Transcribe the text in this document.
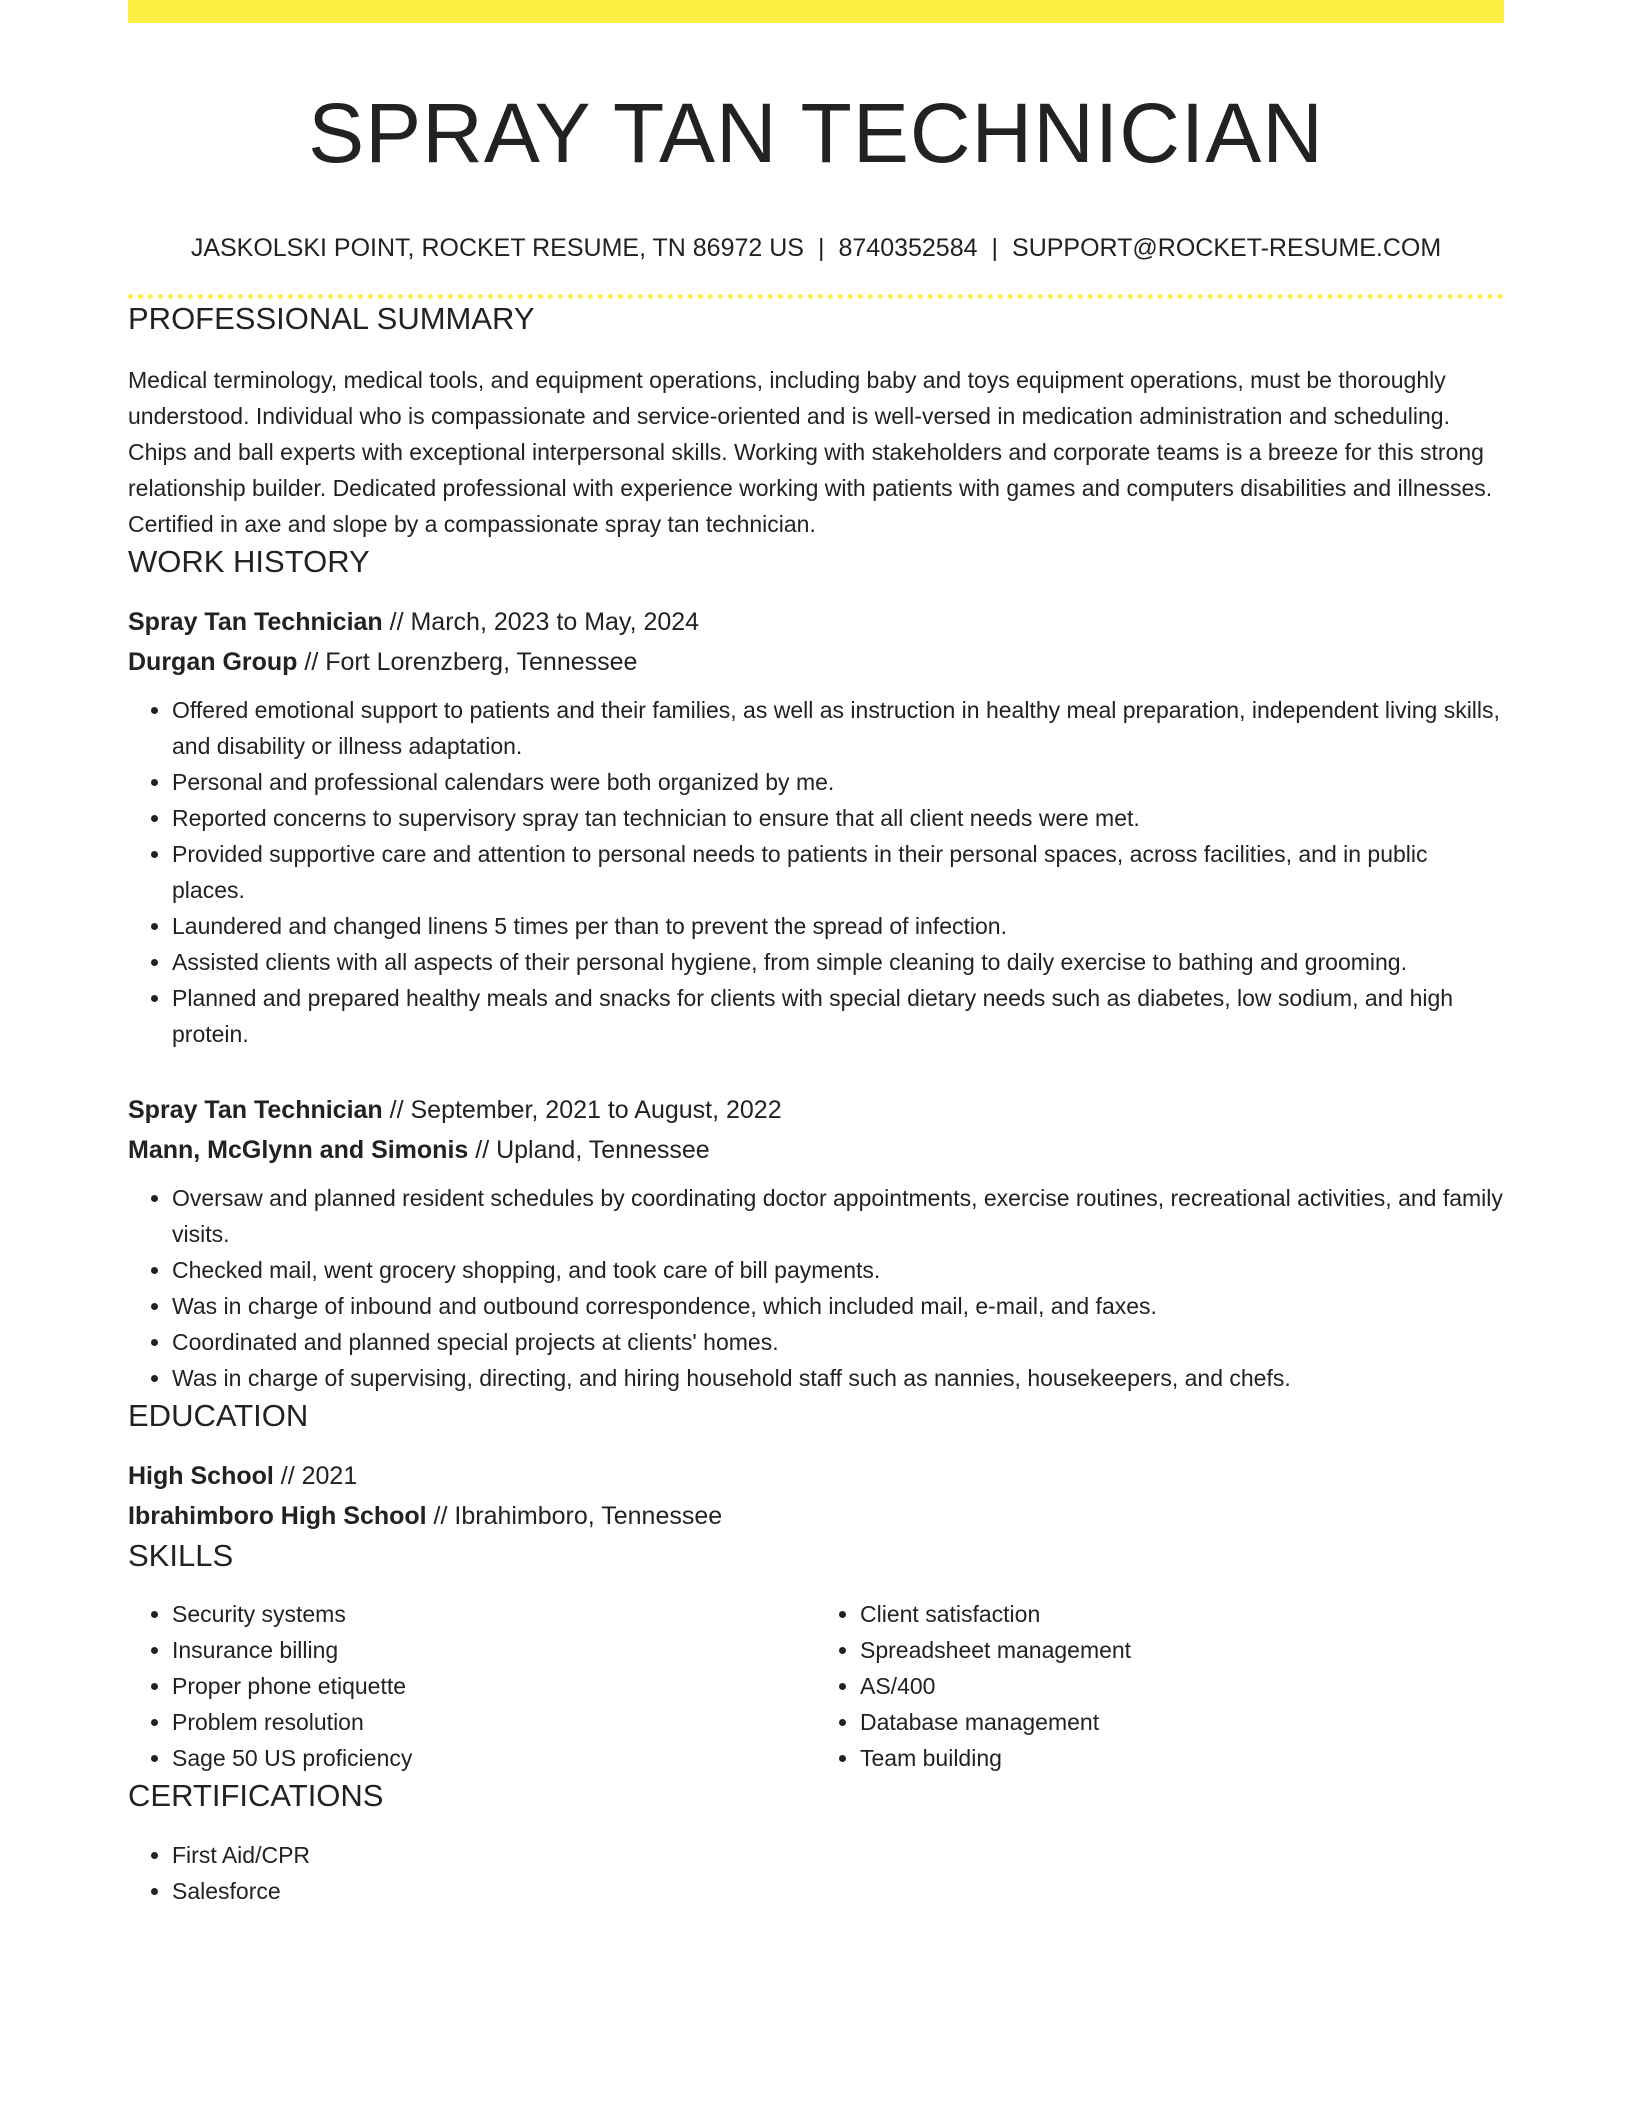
SPRAY TAN TECHNICIAN
JASKOLSKI POINT, ROCKET RESUME, TN 86972 US | 8740352584 | SUPPORT@ROCKET-RESUME.COM
PROFESSIONAL SUMMARY

Medical terminology, medical tools, and equipment operations, including baby and toys equipment operations, must be thoroughly understood. Individual who is compassionate and service-oriented and is well-versed in medication administration and scheduling. Chips and ball experts with exceptional interpersonal skills. Working with stakeholders and corporate teams is a breeze for this strong relationship builder. Dedicated professional with experience working with patients with games and computers disabilities and illnesses. Certified in axe and slope by a compassionate spray tan technician.

WORK HISTORY
Spray Tan Technician // March, 2023 to May, 2024
Durgan Group // Fort Lorenzberg, Tennessee
• Offered emotional support to patients and their families, as well as instruction in healthy meal preparation, independent living skills, and disability or illness adaptation.
• Personal and professional calendars were both organized by me.
• Reported concerns to supervisory spray tan technician to ensure that all client needs were met.
• Provided supportive care and attention to personal needs to patients in their personal spaces, across facilities, and in public places.
• Laundered and changed linens 5 times per than to prevent the spread of infection.
• Assisted clients with all aspects of their personal hygiene, from simple cleaning to daily exercise to bathing and grooming.
• Planned and prepared healthy meals and snacks for clients with special dietary needs such as diabetes, low sodium, and high protein.
Spray Tan Technician // September, 2021 to August, 2022
Mann, McGlynn and Simonis // Upland, Tennessee
• Oversaw and planned resident schedules by coordinating doctor appointments, exercise routines, recreational activities, and family visits.
• Checked mail, went grocery shopping, and took care of bill payments.
• Was in charge of inbound and outbound correspondence, which included mail, e-mail, and faxes.
• Coordinated and planned special projects at clients' homes.
• Was in charge of supervising, directing, and hiring household staff such as nannies, housekeepers, and chefs.
EDUCATION
High School // 2021
Ibrahimboro High School // Ibrahimboro, Tennessee
SKILLS
• Security systems
• Insurance billing
• Proper phone etiquette
• Problem resolution
• Sage 50 US proficiency
• Client satisfaction
• Spreadsheet management
• AS/400
• Database management
• Team building
CERTIFICATIONS
• First Aid/CPR
• Salesforce
